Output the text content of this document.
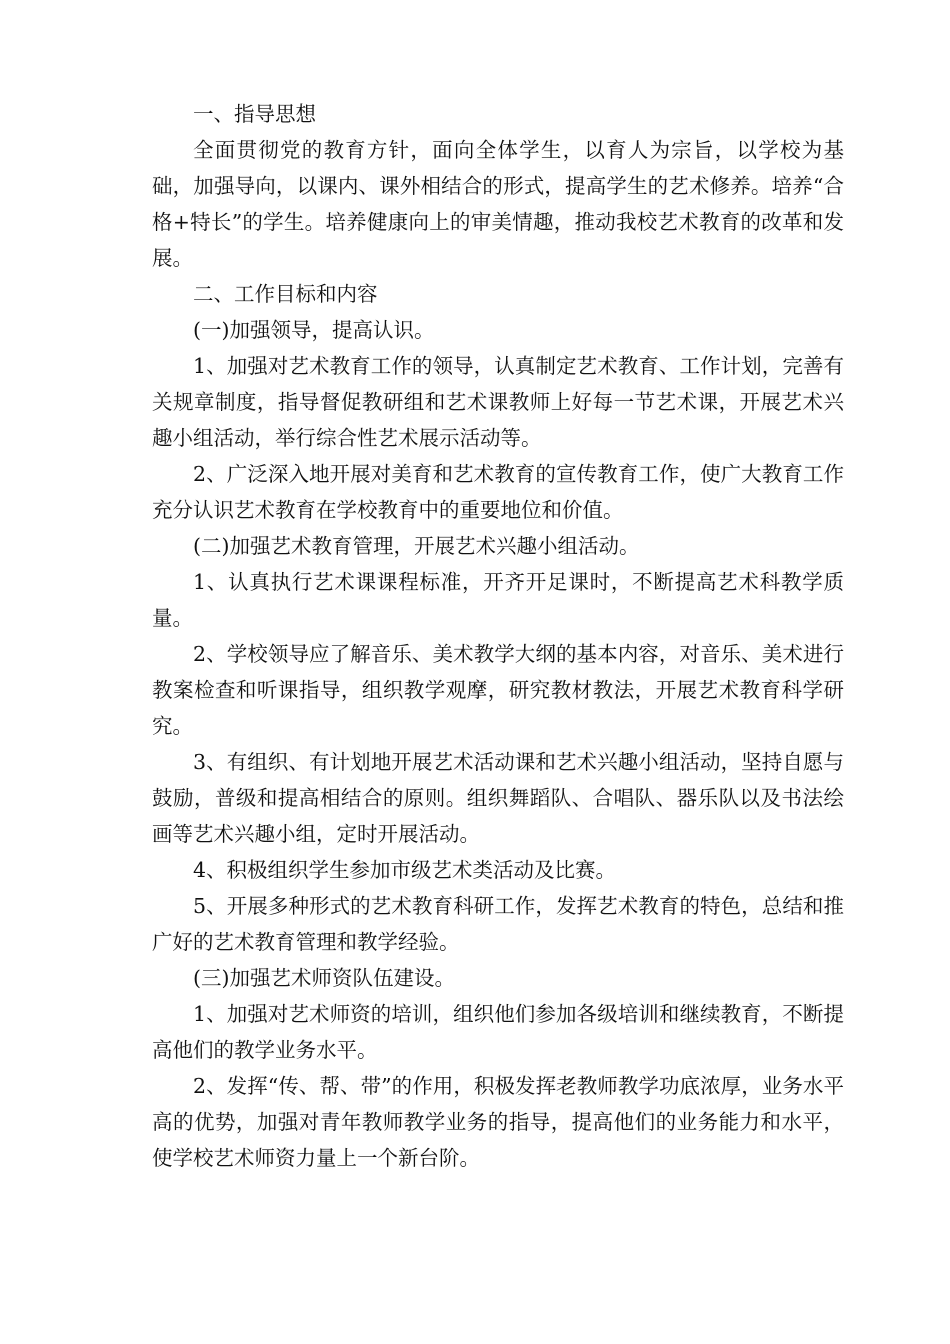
一、指导思想

全面贯彻党的教育方针，面向全体学生，以育人为宗旨，以学校为基础，加强导向，以课内、课外相结合的形式，提高学生的艺术修养。培养“合格+特长”的学生。培养健康向上的审美情趣，推动我校艺术教育的改革和发展。

二、工作目标和内容

(一)加强领导，提高认识。

1、加强对艺术教育工作的领导，认真制定艺术教育、工作计划，完善有关规章制度，指导督促教研组和艺术课教师上好每一节艺术课，开展艺术兴趣小组活动，举行综合性艺术展示活动等。

2、广泛深入地开展对美育和艺术教育的宣传教育工作，使广大教育工作充分认识艺术教育在学校教育中的重要地位和价值。

(二)加强艺术教育管理，开展艺术兴趣小组活动。

1、认真执行艺术课课程标准，开齐开足课时，不断提高艺术科教学质量。

2、学校领导应了解音乐、美术教学大纲的基本内容，对音乐、美术进行教案检查和听课指导，组织教学观摩，研究教材教法，开展艺术教育科学研究。

3、有组织、有计划地开展艺术活动课和艺术兴趣小组活动，坚持自愿与鼓励，普级和提高相结合的原则。组织舞蹈队、合唱队、器乐队以及书法绘画等艺术兴趣小组，定时开展活动。

4、积极组织学生参加市级艺术类活动及比赛。

5、开展多种形式的艺术教育科研工作，发挥艺术教育的特色，总结和推广好的艺术教育管理和教学经验。

(三)加强艺术师资队伍建设。

1、加强对艺术师资的培训，组织他们参加各级培训和继续教育，不断提高他们的教学业务水平。

2、发挥“传、帮、带”的作用，积极发挥老教师教学功底浓厚，业务水平高的优势，加强对青年教师教学业务的指导，提高他们的业务能力和水平，使学校艺术师资力量上一个新台阶。
